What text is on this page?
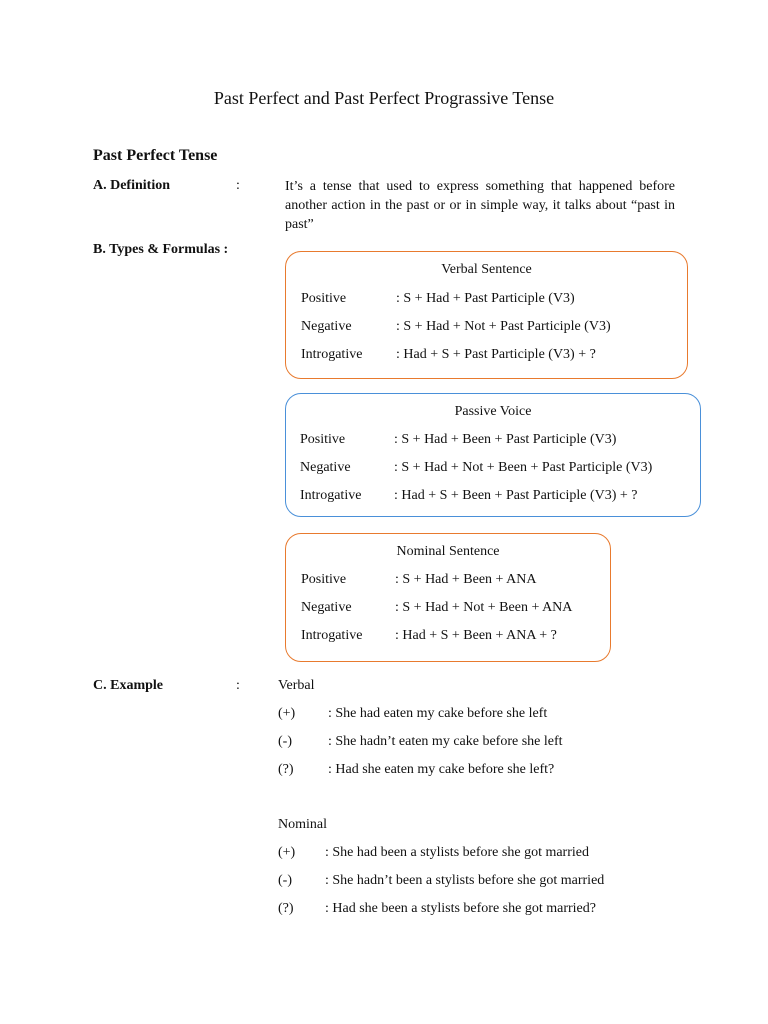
Past Perfect and Past Perfect Prograssive Tense
Past Perfect Tense
A. Definition	:	It’s a tense that used to express something that happened before another action in the past or or in simple way, it talks about “past in past”
B. Types & Formulas :
Verbal Sentence
Positive	: S + Had + Past Participle (V3)
Negative	: S + Had + Not + Past Participle (V3)
Introgative : Had + S + Past Participle (V3) + ?
Passive Voice
Positive	: S + Had + Been + Past Participle (V3)
Negative	: S + Had + Not + Been + Past Participle (V3)
Introgative : Had + S + Been + Past Participle (V3) + ?
Nominal Sentence
Positive	: S + Had + Been + ANA
Negative	: S + Had + Not + Been + ANA
Introgative : Had + S + Been + ANA + ?
C. Example	:	Verbal
(+) : She had eaten my cake before she left
(-)	: She hadn’t eaten my cake before she left
(?) : Had she eaten my cake before she left?
Nominal
(+) : She had been a stylists before she got married
(-) : She hadn’t been a stylists before she got married
(?) : Had she been a stylists before she got married?
